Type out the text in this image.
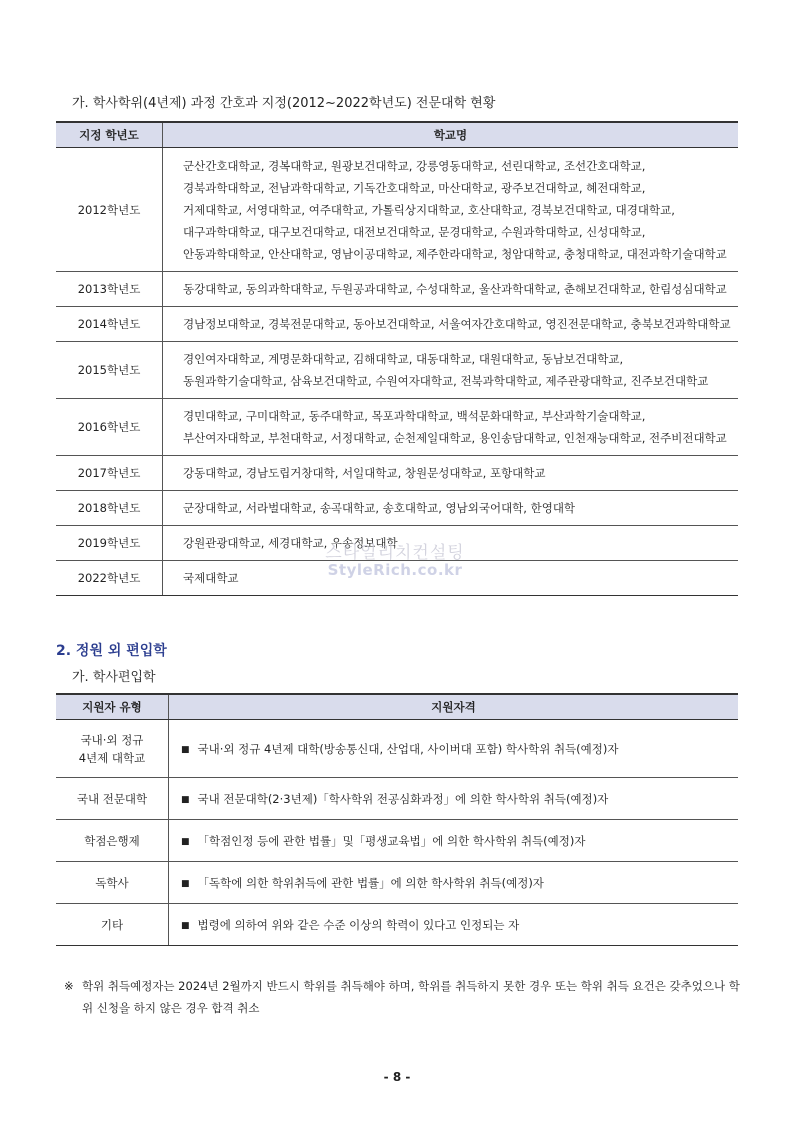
가. 학사학위(4년제) 과정 간호과 지정(2012~2022학년도) 전문대학 현황
지정 학년도	학교명
2012학년도	군산간호대학교, 경복대학교, 원광보건대학교, 강릉영동대학교, 선린대학교, 조선간호대학교,
경북과학대학교, 전남과학대학교, 기독간호대학교, 마산대학교, 광주보건대학교, 혜전대학교,
거제대학교, 서영대학교, 여주대학교, 가톨릭상지대학교, 호산대학교, 경북보건대학교, 대경대학교,
대구과학대학교, 대구보건대학교, 대전보건대학교, 문경대학교, 수원과학대학교, 신성대학교,
안동과학대학교, 안산대학교, 영남이공대학교, 제주한라대학교, 청암대학교, 충청대학교, 대전과학기술대학교

2013학년도	동강대학교, 동의과학대학교, 두원공과대학교, 수성대학교, 울산과학대학교, 춘해보건대학교, 한림성심대학교

2014학년도	경남정보대학교, 경북전문대학교, 동아보건대학교, 서울여자간호대학교, 영진전문대학교, 충북보건과학대학교

2015학년도	경인여자대학교, 계명문화대학교, 김해대학교, 대동대학교, 대원대학교, 동남보건대학교,
동원과학기술대학교, 삼육보건대학교, 수원여자대학교, 전북과학대학교, 제주관광대학교, 진주보건대학교

2016학년도	경민대학교, 구미대학교, 동주대학교, 목포과학대학교, 백석문화대학교, 부산과학기술대학교,
부산여자대학교, 부천대학교, 서정대학교, 순천제일대학교, 용인송담대학교, 인천재능대학교, 전주비전대학교

2017학년도	강동대학교, 경남도립거창대학, 서일대학교, 창원문성대학교, 포항대학교

2018학년도	군장대학교, 서라벌대학교, 송곡대학교, 송호대학교, 영남외국어대학, 한영대학

2019학년도	강원관광대학교, 세경대학교, 우송정보대학

2022학년도	국제대학교
2. 정원 외 편입학
가. 학사편입학
지원자 유형	지원자격

국내·외 정규
4년제 대학교	■ 국내·외 정규 4년제 대학(방송통신대, 산업대, 사이버대 포함) 학사학위 취득(예정)자

국내 전문대학	■ 국내 전문대학(2·3년제)「학사학위 전공심화과정」에 의한 학사학위 취득(예정)자

학점은행제	■ 「학점인정 등에 관한 법률」및「평생교육법」에 의한 학사학위 취득(예정)자

독학사	■ 「독학에 의한 학위취득에 관한 법률」에 의한 학사학위 취득(예정)자

기타	■ 법령에 의하여 위와 같은 수준 이상의 학력이 있다고 인정되는 자
※ 학위 취득예정자는 2024년 2월까지 반드시 학위를 취득해야 하며, 학위를 취득하지 못한 경우 또는 학위 취득 요건은 갖추었으나 학위 신청을 하지 않은 경우 합격 취소
스타일리치컨설팅
StyleRich.co.kr
- 8 -
